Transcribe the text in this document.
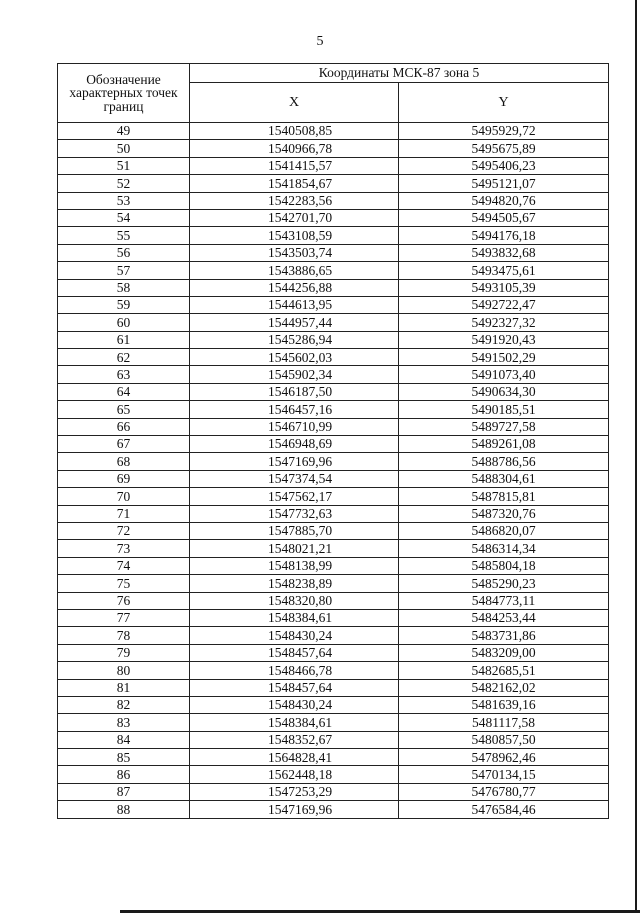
5
Обозначение характерных точек границ	Координаты МСК-87 зона 5	
	X	Y
49	1540508,85	5495929,72
50	1540966,78	5495675,89
51	1541415,57	5495406,23
52	1541854,67	5495121,07
53	1542283,56	5494820,76
54	1542701,70	5494505,67
55	1543108,59	5494176,18
56	1543503,74	5493832,68
57	1543886,65	5493475,61
58	1544256,88	5493105,39
59	1544613,95	5492722,47
60	1544957,44	5492327,32
61	1545286,94	5491920,43
62	1545602,03	5491502,29
63	1545902,34	5491073,40
64	1546187,50	5490634,30
65	1546457,16	5490185,51
66	1546710,99	5489727,58
67	1546948,69	5489261,08
68	1547169,96	5488786,56
69	1547374,54	5488304,61
70	1547562,17	5487815,81
71	1547732,63	5487320,76
72	1547885,70	5486820,07
73	1548021,21	5486314,34
74	1548138,99	5485804,18
75	1548238,89	5485290,23
76	1548320,80	5484773,11
77	1548384,61	5484253,44
78	1548430,24	5483731,86
79	1548457,64	5483209,00
80	1548466,78	5482685,51
81	1548457,64	5482162,02
82	1548430,24	5481639,16
83	1548384,61	5481117,58
84	1548352,67	5480857,50
85	1564828,41	5478962,46
86	1562448,18	5470134,15
87	1547253,29	5476780,77
88	1547169,96	5476584,46
